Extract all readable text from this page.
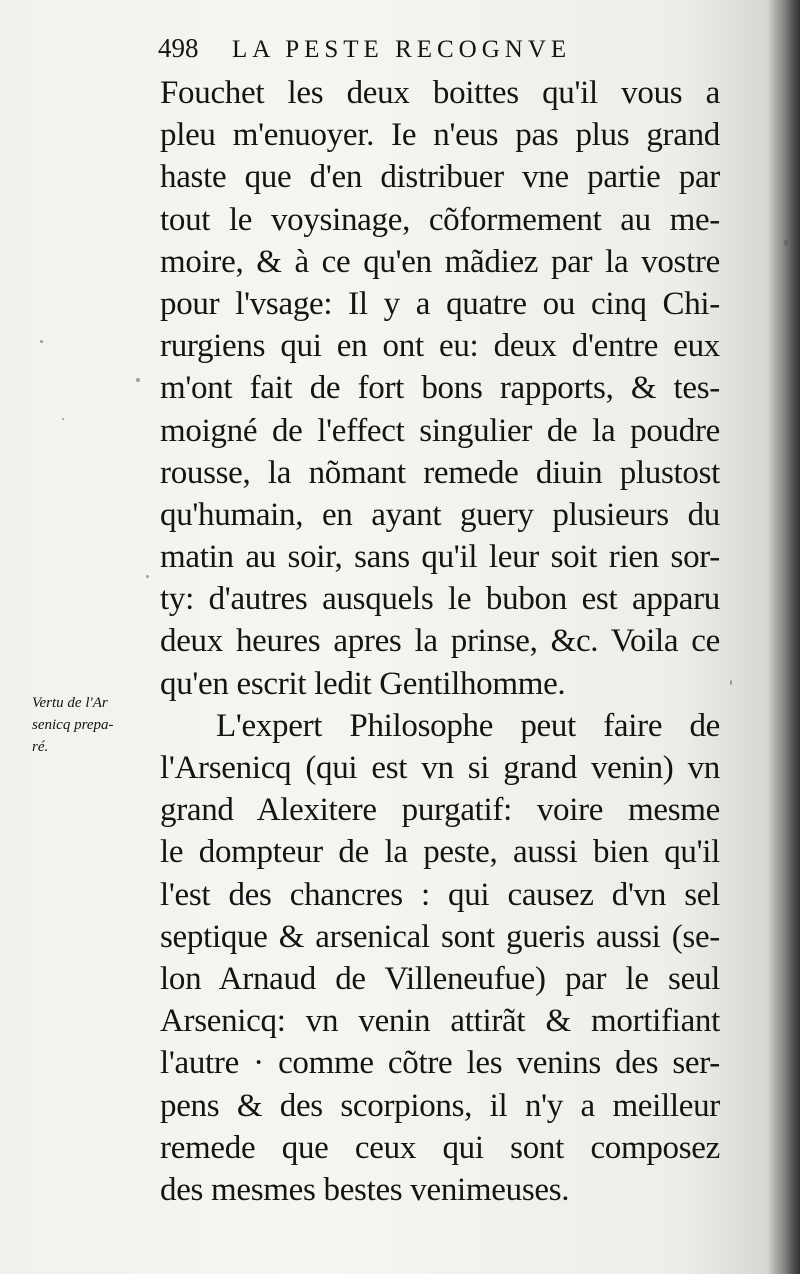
498 LA PESTE RECOGNVE
Vertu de l'Ar
senicq prepa-
ré.
Fouchet les deux boittes qu'il vous a
pleu m'enuoyer. Ie n'eus pas plus grand
haste que d'en distribuer vne partie par
tout le voysinage, cõformement au me-
moire, & à ce qu'en mãdiez par la vostre
pour l'vsage: Il y a quatre ou cinq Chi-
rurgiens qui en ont eu: deux d'entre eux
m'ont fait de fort bons rapports, & tes-
moigné de l'effect singulier de la poudre
rousse, la nõmant remede diuin plustost
qu'humain, en ayant guery plusieurs du
matin au soir, sans qu'il leur soit rien sor-
ty: d'autres ausquels le bubon est apparu
deux heures apres la prinse, &c. Voila ce
qu'en escrit ledit Gentilhomme.
L'expert Philosophe peut faire de
l'Arsenicq (qui est vn si grand venin) vn
grand Alexitere purgatif: voire mesme
le dompteur de la peste, aussi bien qu'il
l'est des chancres : qui causez d'vn sel
septique & arsenical sont gueris aussi (se-
lon Arnaud de Villeneufue) par le seul
Arsenicq: vn venin attirãt & mortifiant
l'autre · comme cõtre les venins des ser-
pens & des scorpions, il n'y a meilleur
remede que ceux qui sont composez
des mesmes bestes venimeuses.
